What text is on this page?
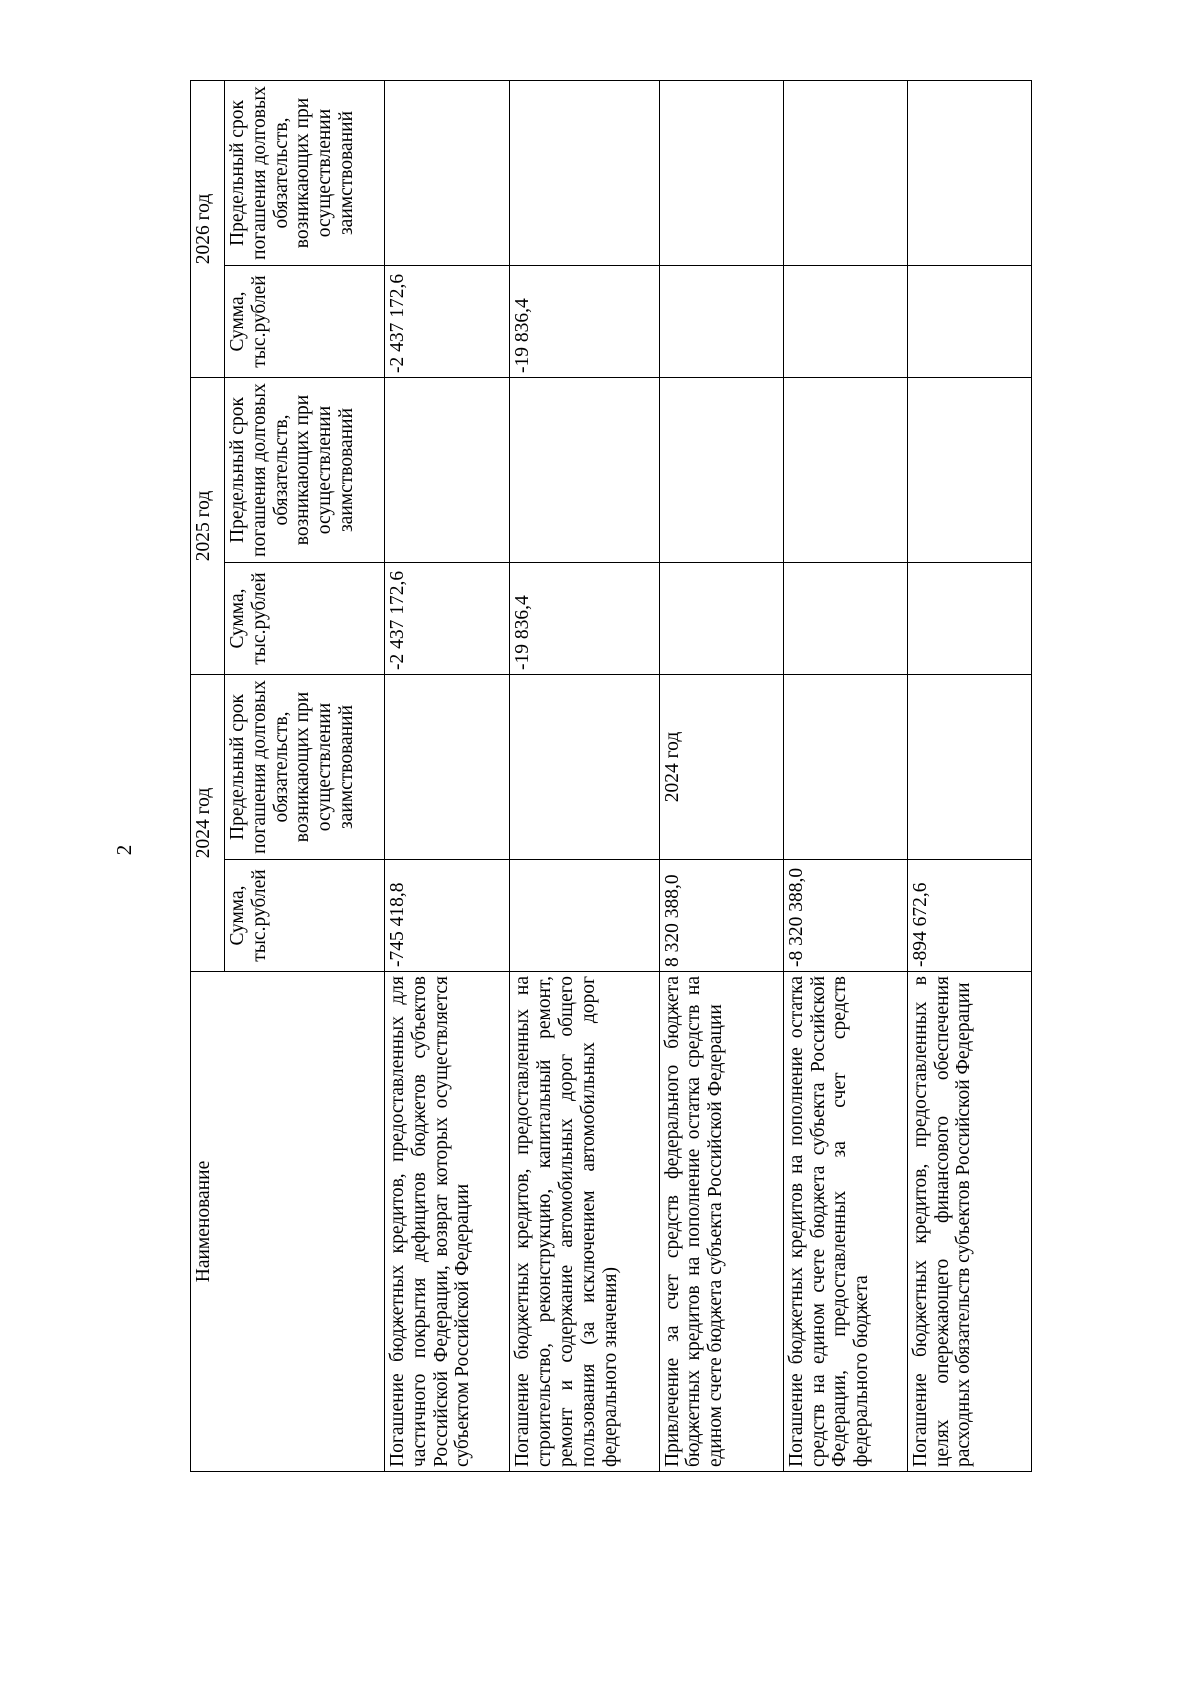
2
Наименование	2024 год		2025 год		2026 год	
	Сумма, тыс.рублей	Предельный срок погашения долговых обязательств, возникающих при осуществлении заимствований	Сумма, тыс.рублей	Предельный срок погашения долговых обязательств, возникающих при осуществлении заимствований	Сумма, тыс.рублей	Предельный срок погашения долговых обязательств, возникающих при осуществлении заимствований
Погашение бюджетных кредитов, предоставленных для частичного покрытия дефицитов бюджетов субъектов Российской Федерации, возврат которых осуществляется субъектом Российской Федерации	-745 418,8		-2 437 172,6		-2 437 172,6	
Погашение бюджетных кредитов, предоставленных на строительство, реконструкцию, капитальный ремонт, ремонт и содержание автомобильных дорог общего пользования (за исключением автомобильных дорог федерального значения)			-19 836,4		-19 836,4	
Привлечение за счет средств федерального бюджета бюджетных кредитов на пополнение остатка средств на едином счете бюджета субъекта Российской Федерации	8 320 388,0	2024 год				
Погашение бюджетных кредитов на пополнение остатка средств на едином счете бюджета субъекта Российской Федерации, предоставленных за счет средств федерального бюджета	-8 320 388,0					
Погашение бюджетных кредитов, предоставленных в целях опережающего финансового обеспечения расходных обязательств субъектов Российской Федерации	-894 672,6					
